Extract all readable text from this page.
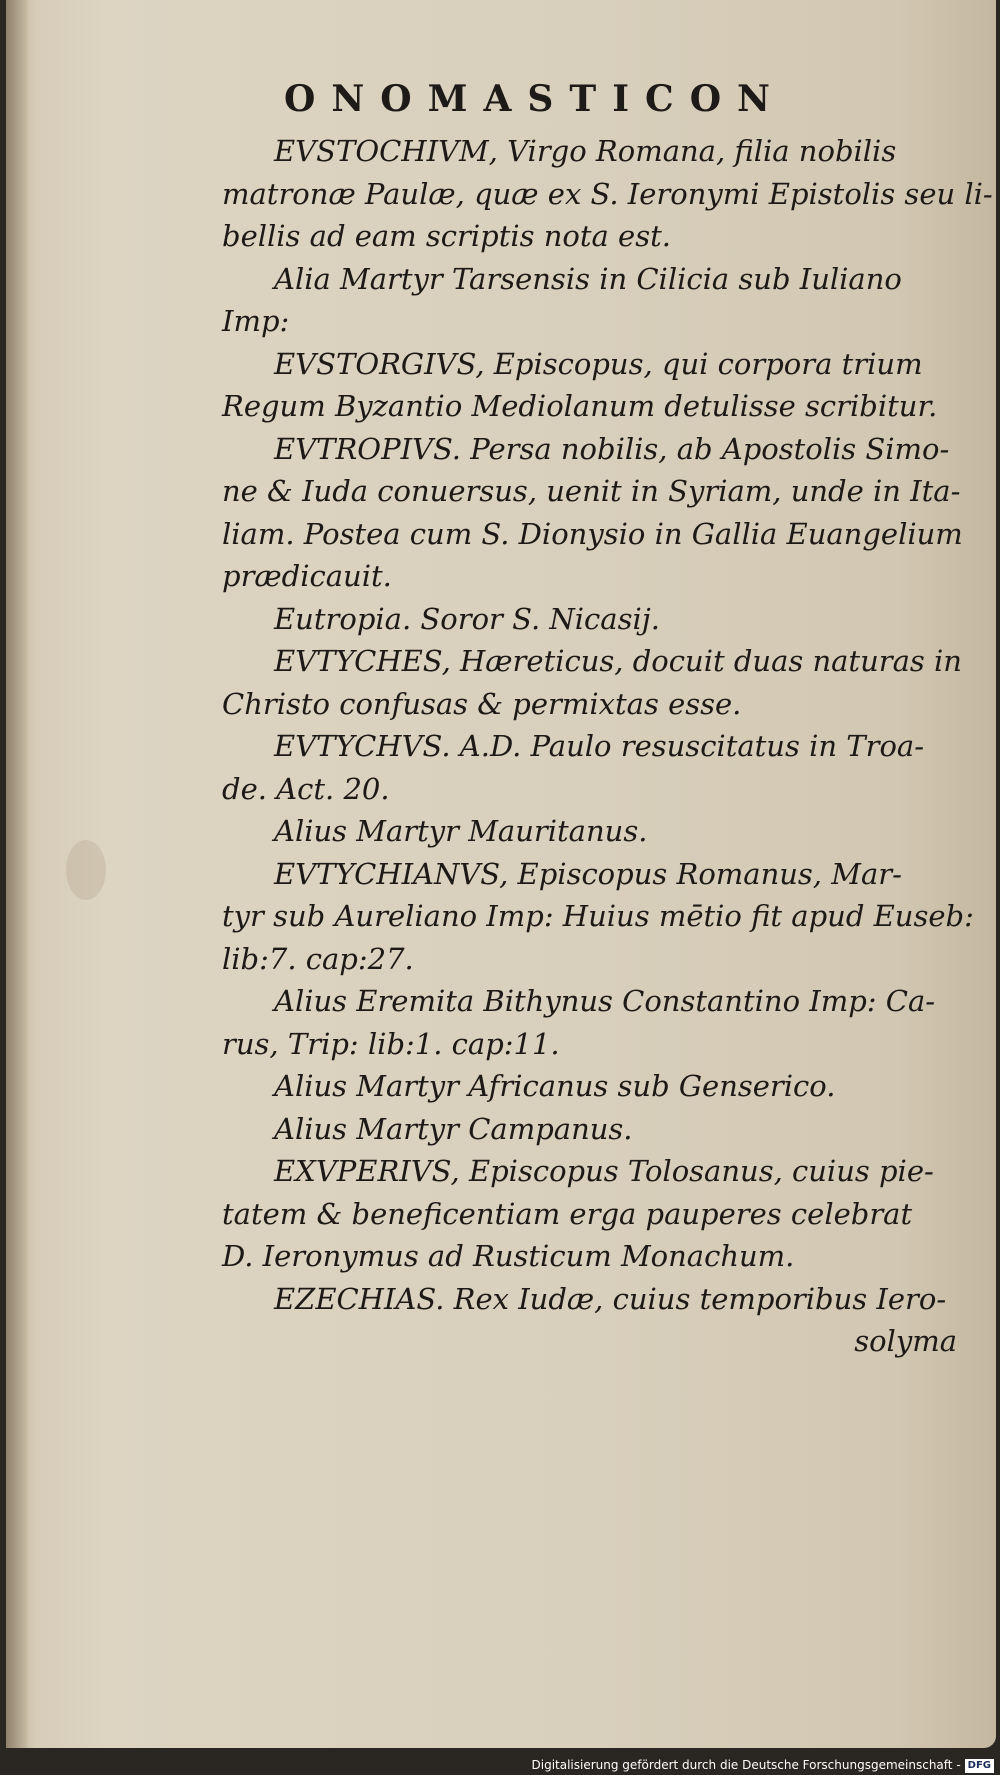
ONOMASTICON
EVSTOCHIVM, Virgo Romana, filia nobilis
matronæ Paulæ, quæ ex S. Ieronymi Epistolis seu li-
bellis ad eam scriptis nota est.
Alia Martyr Tarsensis in Cilicia sub Iuliano
Imp:
EVSTORGIVS, Episcopus, qui corpora trium
Regum Byzantio Mediolanum detulisse scribitur.
EVTROPIVS. Persa nobilis, ab Apostolis Simo-
ne & Iuda conuersus, uenit in Syriam, unde in Ita-
liam. Postea cum S. Dionysio in Gallia Euangelium
prædicauit.
Eutropia. Soror S. Nicasij.
EVTYCHES, Hæreticus, docuit duas naturas in
Christo confusas & permixtas esse.
EVTYCHVS. A.D. Paulo resuscitatus in Troa-
de. Act. 20.
Alius Martyr Mauritanus.
EVTYCHIANVS, Episcopus Romanus, Mar-
tyr sub Aureliano Imp: Huius mētio fit apud Euseb:
lib:7. cap:27.
Alius Eremita Bithynus Constantino Imp: Ca-
rus, Trip: lib:1. cap:11.
Alius Martyr Africanus sub Genserico.
Alius Martyr Campanus.
EXVPERIVS, Episcopus Tolosanus, cuius pie-
tatem & beneficentiam erga pauperes celebrat
D. Ieronymus ad Rusticum Monachum.
EZECHIAS. Rex Iudæ, cuius temporibus Iero-
solyma
Digitalisierung gefördert durch die Deutsche Forschungsgemeinschaft - DFG
